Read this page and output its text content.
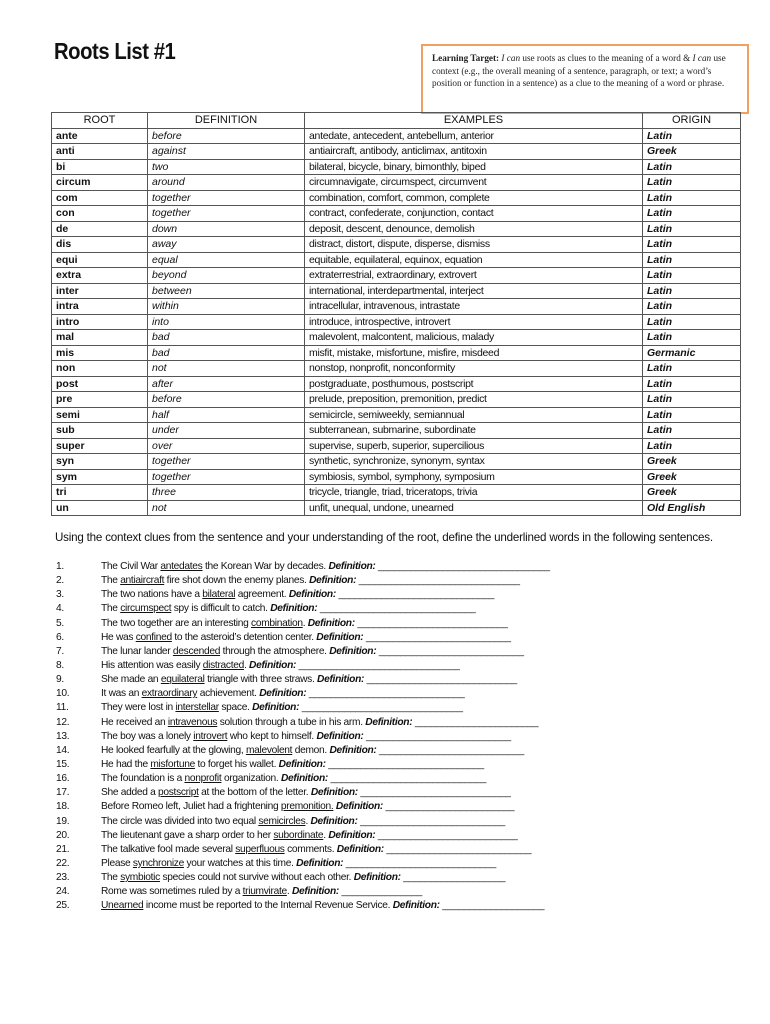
Roots List #1	Learning Target: I can use roots as clues to the meaning of a word & I can use context (e.g., the overall meaning of a sentence, paragraph, or text; a word’s position or function in a sentence) as a clue to the meaning of a word or phrase.
ROOT	DEFINITION	EXAMPLES	ORIGIN
ante	before	antedate, antecedent, antebellum, anterior	Latin
anti	against	antiaircraft, antibody, anticlimax, antitoxin	Greek
bi	two	bilateral, bicycle, binary, bimonthly, biped	Latin
circum	around	circumnavigate, circumspect, circumvent	Latin
com	together	combination, comfort, common, complete	Latin
con	together	contract, confederate, conjunction, contact	Latin
de	down	deposit, descent, denounce, demolish	Latin
dis	away	distract, distort, dispute, disperse, dismiss	Latin
equi	equal	equitable, equilateral, equinox, equation	Latin
extra	beyond	extraterrestrial, extraordinary, extrovert	Latin
inter	between	international, interdepartmental, interject	Latin
intra	within	intracellular, intravenous, intrastate	Latin
intro	into	introduce, introspective, introvert	Latin
mal	bad	malevolent, malcontent, malicious, malady	Latin
mis	bad	misfit, mistake, misfortune, misfire, misdeed	Germanic
non	not	nonstop, nonprofit, nonconformity	Latin
post	after	postgraduate, posthumous, postscript	Latin
pre	before	prelude, preposition, premonition, predict	Latin
semi	half	semicircle, semiweekly, semiannual	Latin
sub	under	subterranean, submarine, subordinate	Latin
super	over	supervise, superb, superior, supercilious	Latin
syn	together	synthetic, synchronize, synonym, syntax	Greek
sym	together	symbiosis, symbol, symphony, symposium	Greek
tri	three	tricycle, triangle, triad, triceratops, trivia	Greek
un	not	unfit, unequal, undone, unearned	Old English
Using the context clues from the sentence and your understanding of the root, define the underlined words in the following sentences.
1.	The Civil War antedates the Korean War by decades. Definition: ________________________________
2.	The antiaircraft fire shot down the enemy planes. Definition: ______________________________
3.	The two nations have a bilateral agreement. Definition: _____________________________
4.	The circumspect spy is difficult to catch. Definition: _____________________________
5.	The two together are an interesting combination. Definition: ____________________________
6.	He was confined to the asteroid’s detention center. Definition: ___________________________
7.	The lunar lander descended through the atmosphere. Definition: ___________________________
8.	His attention was easily distracted. Definition: ______________________________
9.	She made an equilateral triangle with three straws. Definition: ____________________________
10.	It was an extraordinary achievement. Definition: _____________________________
11.	They were lost in interstellar space. Definition: ______________________________
12.	He received an intravenous solution through a tube in his arm. Definition: _______________________
13.	The boy was a lonely introvert who kept to himself. Definition: ___________________________
14.	He looked fearfully at the glowing, malevolent demon. Definition: ___________________________
15.	He had the misfortune to forget his wallet. Definition: _____________________________
16.	The foundation is a nonprofit organization. Definition: _____________________________
17.	She added a postscript at the bottom of the letter. Definition: ____________________________
18.	Before Romeo left, Juliet had a frightening premonition. Definition: ________________________
19.	The circle was divided into two equal semicircles. Definition: ___________________________
20.	The lieutenant gave a sharp order to her subordinate. Definition: __________________________
21.	The talkative fool made several superfluous comments. Definition: ___________________________
22.	Please synchronize your watches at this time. Definition: ____________________________
23.	The symbiotic species could not survive without each other. Definition: ___________________
24.	Rome was sometimes ruled by a triumvirate. Definition: _______________
25.	Unearned income must be reported to the Internal Revenue Service. Definition: ___________________
